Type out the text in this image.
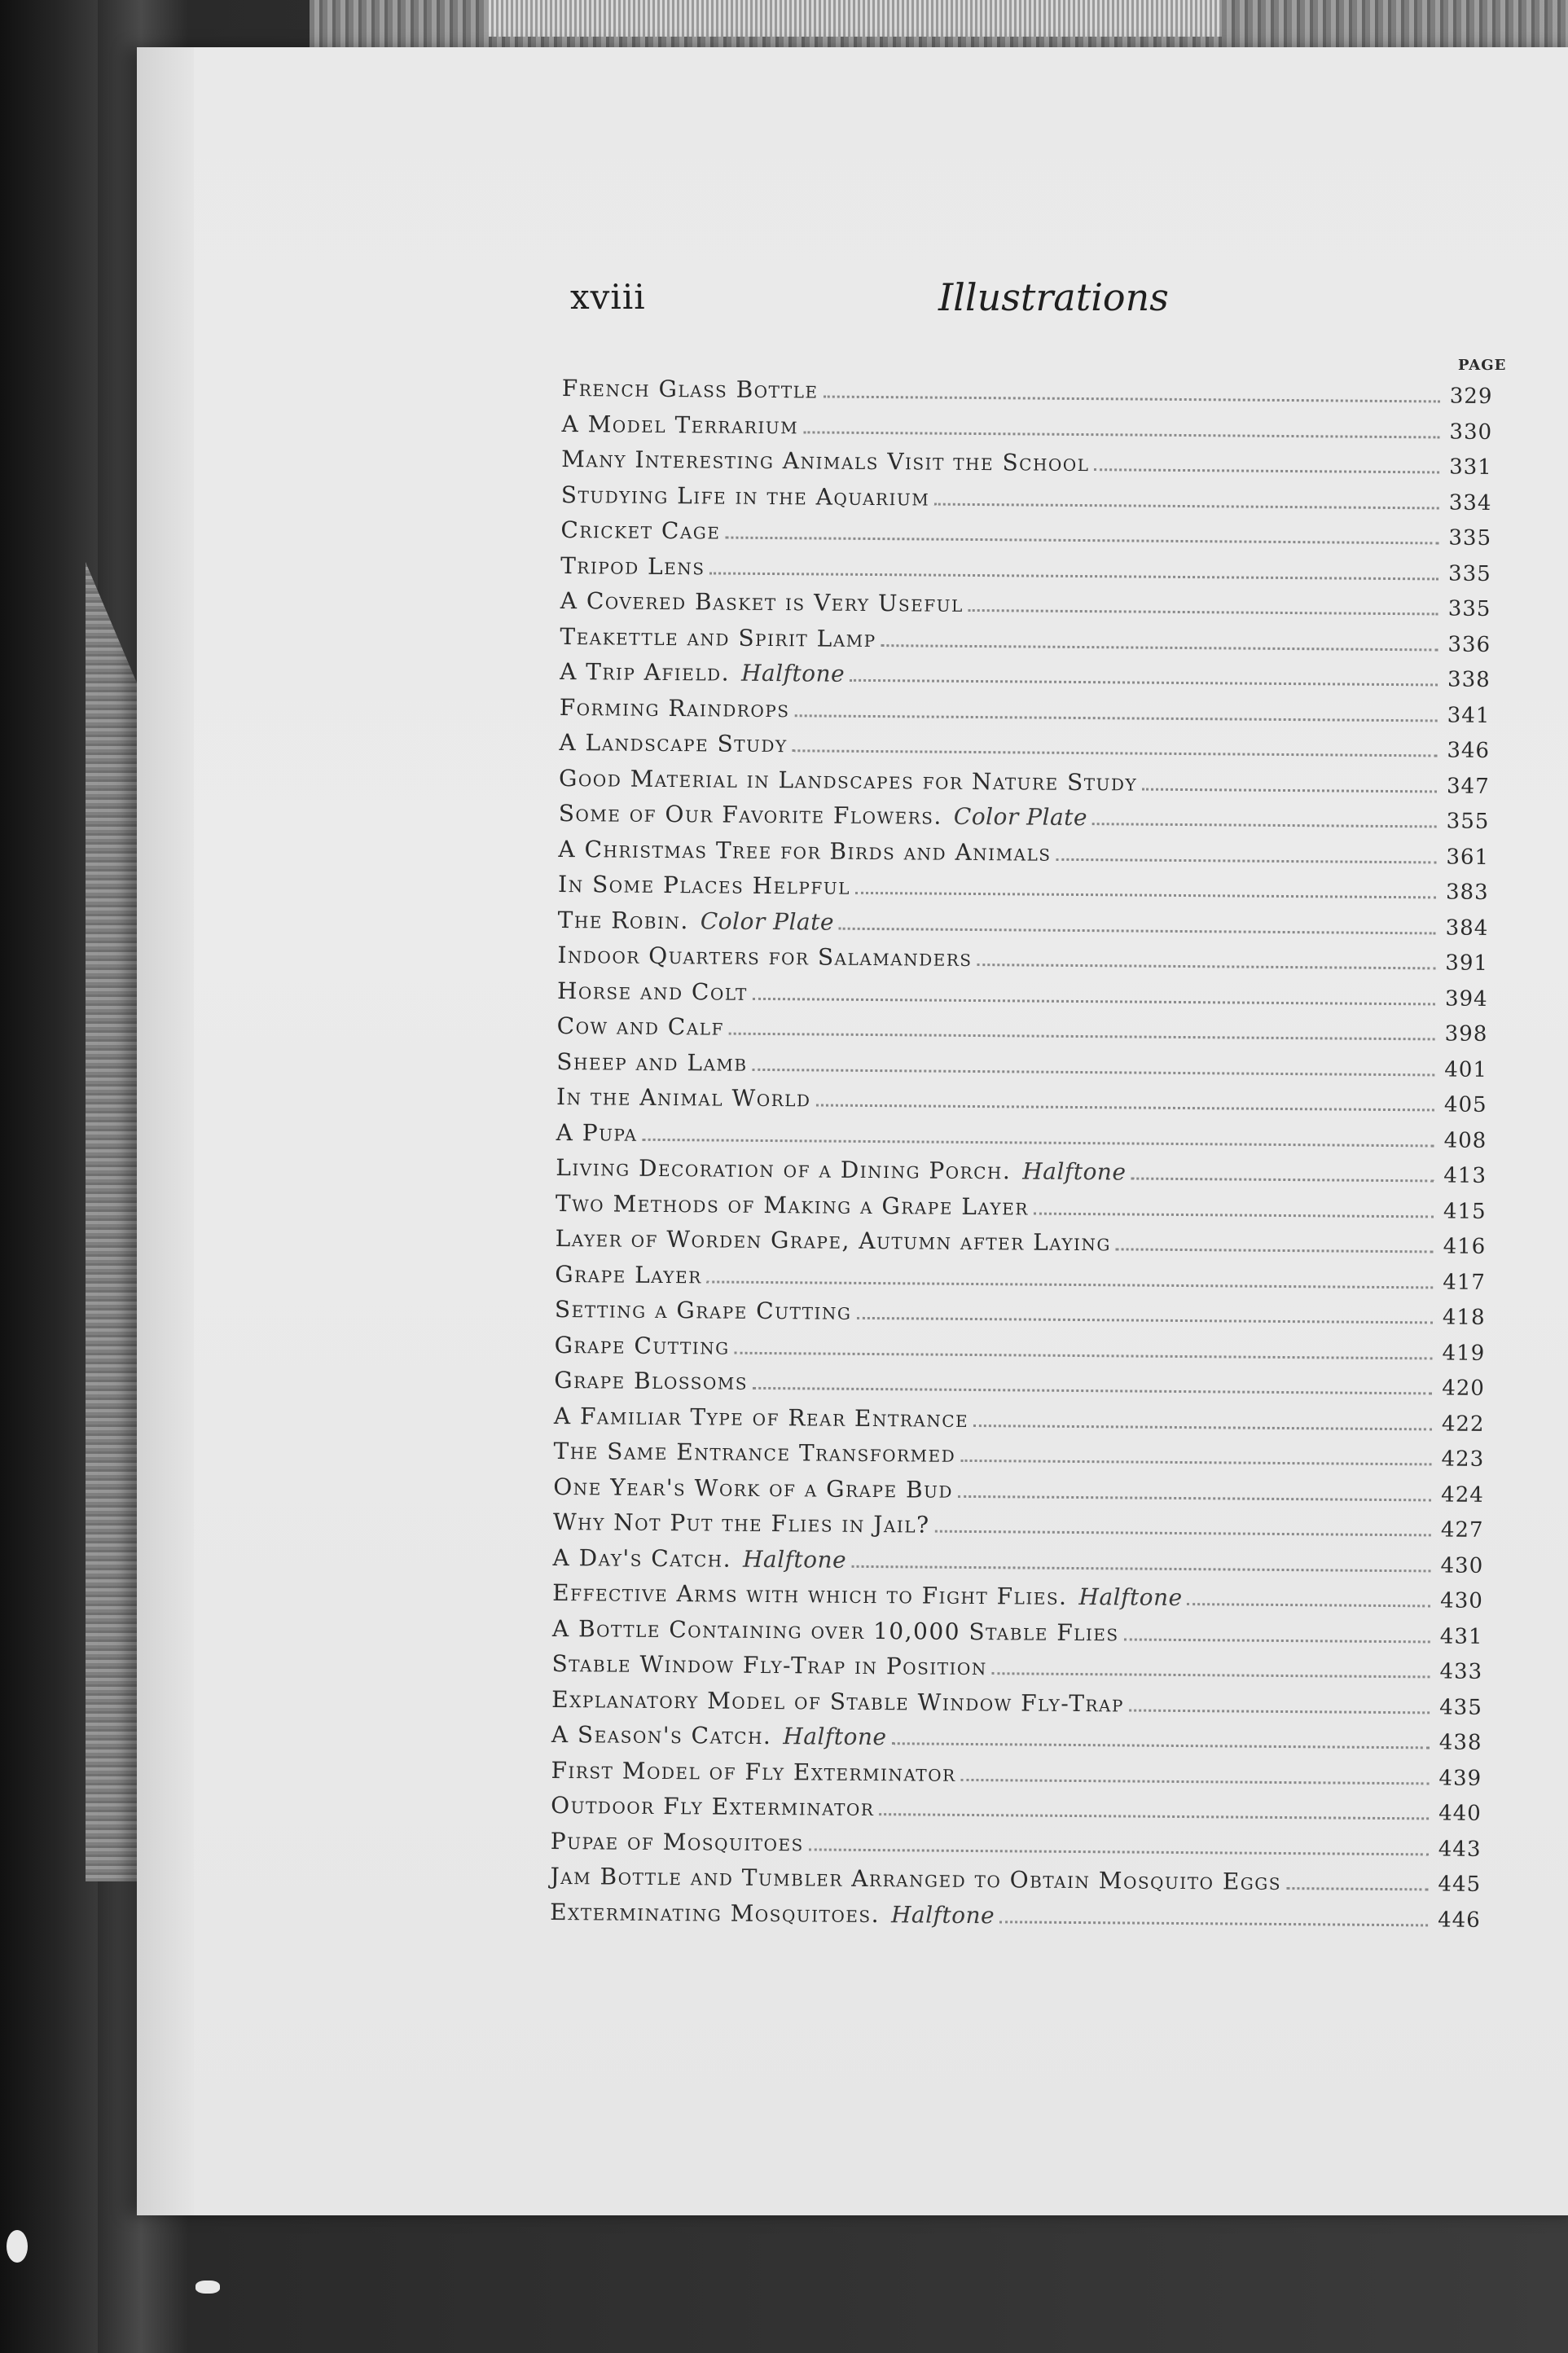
xviii	Illustrations
PAGE
French Glass Bottle	329
A Model Terrarium	330
Many Interesting Animals Visit the School	331
Studying Life in the Aquarium	334
Cricket Cage	335
Tripod Lens	335
A Covered Basket is Very Useful	335
Teakettle and Spirit Lamp	336
A Trip Afield. Halftone	338
Forming Raindrops	341
A Landscape Study	346
Good Material in Landscapes for Nature Study	347
Some of Our Favorite Flowers. Color Plate	355
A Christmas Tree for Birds and Animals	361
In Some Places Helpful	383
The Robin. Color Plate	384
Indoor Quarters for Salamanders	391
Horse and Colt	394
Cow and Calf	398
Sheep and Lamb	401
In the Animal World	405
A Pupa	408
Living Decoration of a Dining Porch. Halftone	413
Two Methods of Making a Grape Layer	415
Layer of Worden Grape, Autumn after Laying	416
Grape Layer	417
Setting a Grape Cutting	418
Grape Cutting	419
Grape Blossoms	420
A Familiar Type of Rear Entrance	422
The Same Entrance Transformed	423
One Year's Work of a Grape Bud	424
Why Not Put the Flies in Jail?	427
A Day's Catch. Halftone	430
Effective Arms with which to Fight Flies. Halftone	430
A Bottle Containing over 10,000 Stable Flies	431
Stable Window Fly-Trap in Position	433
Explanatory Model of Stable Window Fly-Trap	435
A Season's Catch. Halftone	438
First Model of Fly Exterminator	439
Outdoor Fly Exterminator	440
Pupae of Mosquitoes	443
Jam Bottle and Tumbler Arranged to Obtain Mosquito Eggs	445
Exterminating Mosquitoes. Halftone	446
